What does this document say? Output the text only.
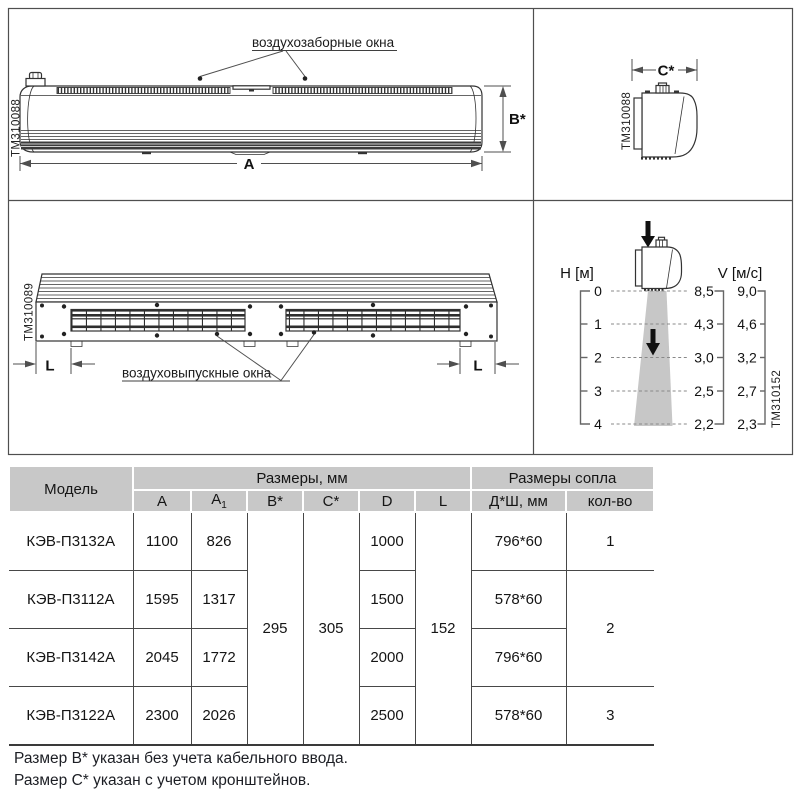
воздухозаборные окна
B*
A
TM310088
C*
TM310088
L	L
воздуховыпускные окна
TM310089
H [м]	V [м/с]
0
1
2
3
4
8,5
4,3
3,0
2,5
2,2
9,0
4,6
3,2
2,7
2,3 TM310152
Модель	Размеры, мм						Размеры сопла	
	A	$A_1$	B*	C*	D	L	Д*Ш, мм	кол-во
КЭВ-П3132А	1100	826	295	305	1000	152	796*60	1
КЭВ-П3112А	1595	1317			1500		578*60	2
КЭВ-П3142А	2045	1772			2000		796*60	
КЭВ-П3122А	2300	2026			2500		578*60	3
Размер B* указан без учета кабельного ввода.
Размер C* указан с учетом кронштейнов.
